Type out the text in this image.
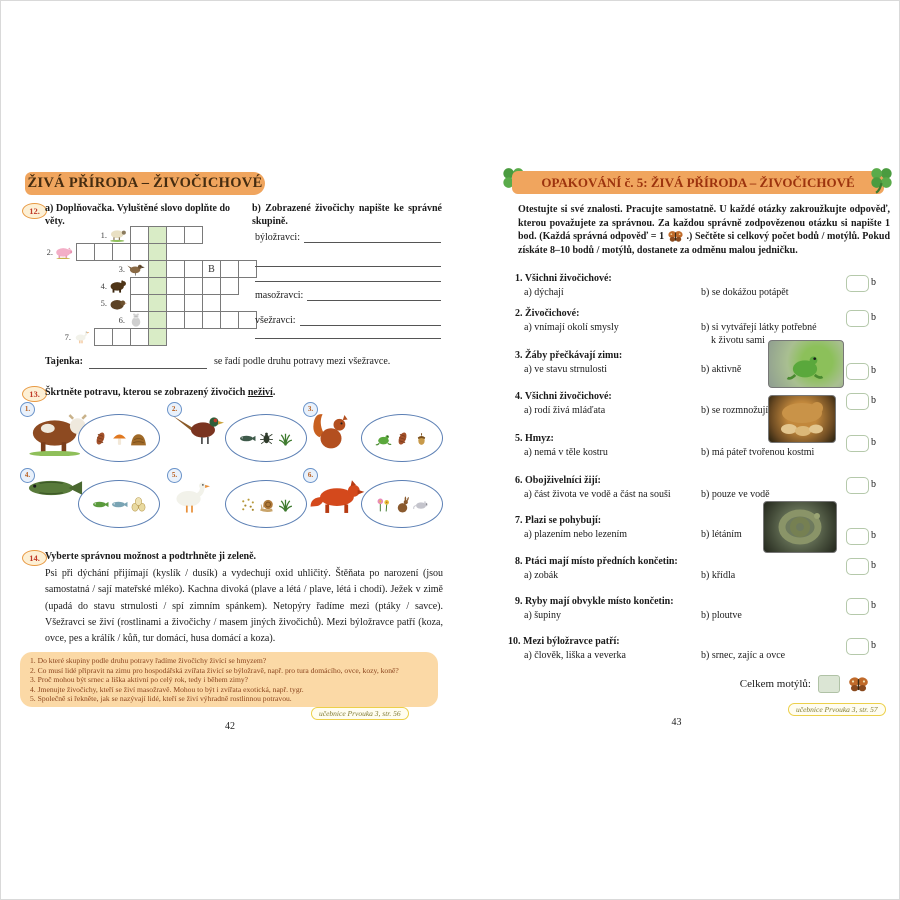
ŽIVÁ PŘÍRODA – ŽIVOČICHOVÉ
12. a) Doplňovačka. Vyluštěné slovo doplňte do věty.
b) Zobrazené živočichy napište ke správné skupině.
1.
2.
3.	B
4.
5.
6.
7.
býložravci:
masožravci:
všežravci:
Tajenka:	se řadí podle druhu potravy mezi všežravce.
13. Škrtněte potravu, kterou se zobrazený živočich neživí.
1.	2.	3.
4.	5.	6.
14. Vyberte správnou možnost a podtrhněte ji zeleně.
Psi při dýchání přijímají (kyslík / dusík) a vydechují oxid uhličitý. Štěňata po narození (jsou samostatná / sají mateřské mléko). Kachna divoká (plave a létá / plave, létá i chodí). Ježek v zimě (upadá do stavu strnulosti / spí zimním spánkem). Netopýry řadíme mezi (ptáky / savce). Všežravci se živí (rostlinami a živočichy / masem jiných živočichů). Mezi býložravce patří (koza, ovce, pes a králík / kůň, tur domácí, husa domácí a koza).
1. Do které skupiny podle druhu potravy řadíme živočichy živící se hmyzem?
2. Co musí lidé připravit na zimu pro hospodářská zvířata živící se býložravě, např. pro tura domácího, ovce, kozy, koně?
3. Proč mohou být srnec a liška aktivní po celý rok, tedy i během zimy?
4. Jmenujte živočichy, kteří se živí masožravě. Mohou to být i zvířata exotická, např. tygr.
5. Společně si řekněte, jak se nazývají lidé, kteří se živí výhradně rostlinnou potravou.
učebnice Prvouka 3, str. 56
42
OPAKOVÁNÍ č. 5: ŽIVÁ PŘÍRODA – ŽIVOČICHOVÉ
Otestujte si své znalosti. Pracujte samostatně. U každé otázky zakroužkujte odpověď, kterou považujete za správnou. Za každou správně zodpovězenou otázku si napište 1 bod. (Každá správná odpověď = 1 .) Sečtěte si celkový počet bodů / motýlů. Pokud získáte 8–10 bodů / motýlů, dostanete za odměnu malou jedničku.
1. Všichni živočichové:
a) dýchají	b) se dokážou potápět
b
2. Živočichové:
a) vnímají okolí smysly	b) si vytvářejí látky potřebné
k životu sami
b
3. Žáby přečkávají zimu:
a) ve stavu strnulosti	b) aktivně	b
4. Všichni živočichové:
a) rodí živá mláďata	b) se rozmnožují
b
5. Hmyz:
a) nemá v těle kostru	b) má páteř tvořenou kostmi
b
6. Obojživelníci žijí:
a) část života ve vodě a část na souši	b) pouze ve vodě
b
7. Plazi se pohybují:
a) plazením nebo lezením	b) létáním	b
8. Ptáci mají místo předních končetin:
a) zobák	b) křídla
b
9. Ryby mají obvykle místo končetin:
a) šupiny	b) ploutve
b
10. Mezi býložravce patří:
a) člověk, liška a veverka	b) srnec, zajíc a ovce
b
Celkem motýlů:
učebnice Prvouka 3, str. 57
43
